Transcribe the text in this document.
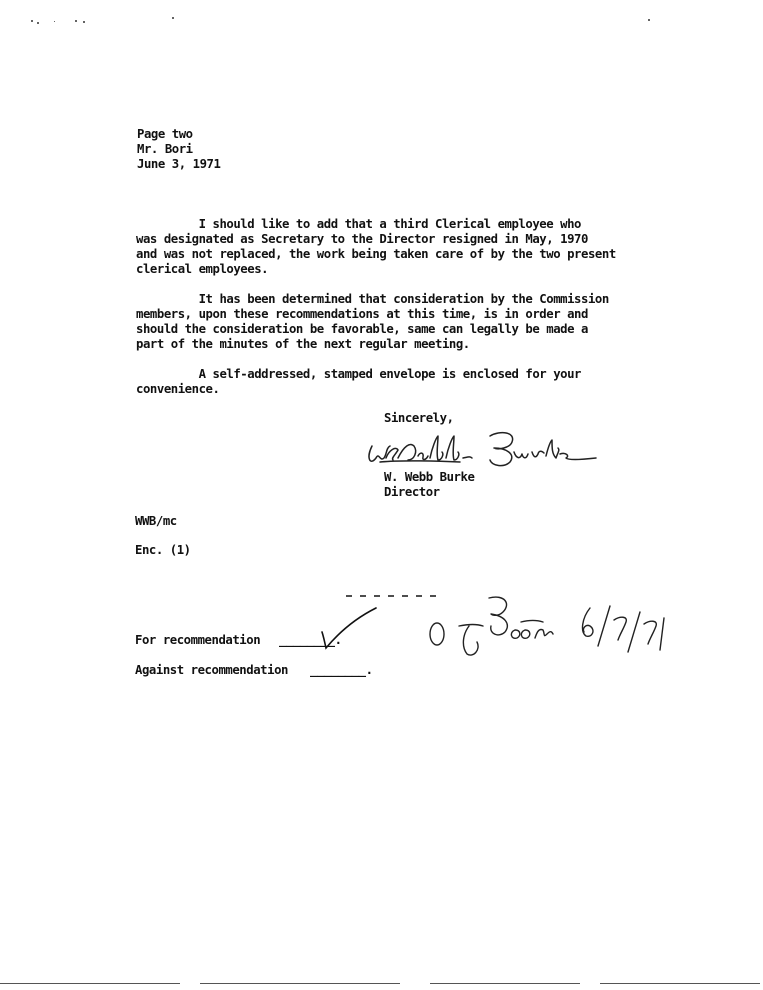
Page two

Mr. Bori

June 3, 1971

I should like to add that a third Clerical employee who
was designated as Secretary to the Director resigned in May, 1970
and was not replaced, the work being taken care of by the two present
clerical employees.
It has been determined that consideration by the Commission
members, upon these recommendations at this time, is in order and
should the consideration be favorable, same can legally be made a
part of the minutes of the next regular meeting.
A self-addressed, stamped envelope is enclosed for your
convenience.

Sincerely,

W. Webb Burke

Director

WWB/mc

Enc. (1)

For recommendation ________.

Against recommendation ________.
